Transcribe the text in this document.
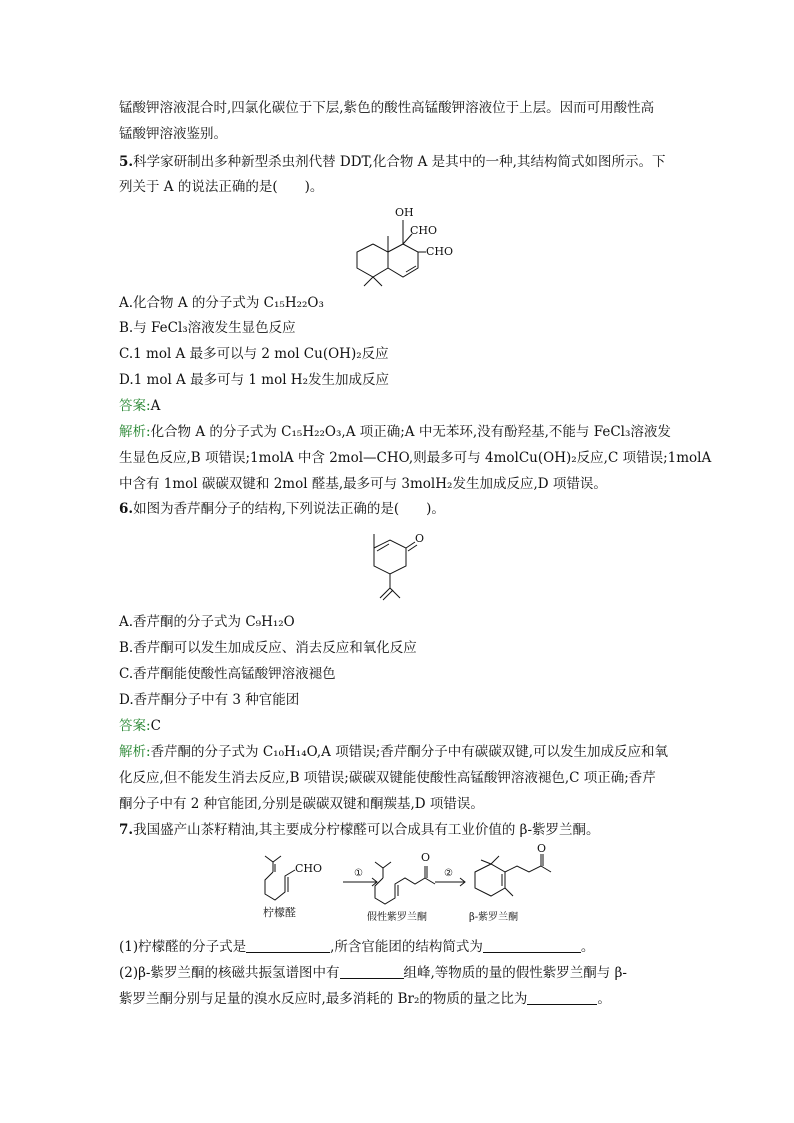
锰酸钾溶液混合时,四氯化碳位于下层,紫色的酸性高锰酸钾溶液位于上层。因而可用酸性高
锰酸钾溶液鉴别。
5.科学家研制出多种新型杀虫剂代替 DDT,化合物 A 是其中的一种,其结构简式如图所示。下
列关于 A 的说法正确的是(　　)。
OH
CHO
CHO
A.化合物 A 的分子式为 C₁₅H₂₂O₃
B.与 FeCl₃溶液发生显色反应
C.1 mol A 最多可以与 2 mol Cu(OH)₂反应
D.1 mol A 最多可与 1 mol H₂发生加成反应
答案:A
解析:化合物 A 的分子式为 C₁₅H₂₂O₃,A 项正确;A 中无苯环,没有酚羟基,不能与 FeCl₃溶液发
生显色反应,B 项错误;1molA 中含 2mol—CHO,则最多可与 4molCu(OH)₂反应,C 项错误;1molA
中含有 1mol 碳碳双键和 2mol 醛基,最多可与 3molH₂发生加成反应,D 项错误。
6.如图为香芹酮分子的结构,下列说法正确的是(　　)。
O
A.香芹酮的分子式为 C₉H₁₂O
B.香芹酮可以发生加成反应、消去反应和氧化反应
C.香芹酮能使酸性高锰酸钾溶液褪色
D.香芹酮分子中有 3 种官能团
答案:C
解析:香芹酮的分子式为 C₁₀H₁₄O,A 项错误;香芹酮分子中有碳碳双键,可以发生加成反应和氧
化反应,但不能发生消去反应,B 项错误;碳碳双键能使酸性高锰酸钾溶液褪色,C 项正确;香芹
酮分子中有 2 种官能团,分别是碳碳双键和酮羰基,D 项错误。
7.我国盛产山茶籽精油,其主要成分柠檬醛可以合成具有工业价值的 β-紫罗兰酮。
CHO	①	②
O
O
柠檬醛	假性紫罗兰酮	β-紫罗兰酮
(1)柠檬醛的分子式是	,所含官能团的结构简式为	。
(2)β-紫罗兰酮的核磁共振氢谱图中有	组峰,等物质的量的假性紫罗兰酮与 β-
紫罗兰酮分别与足量的溴水反应时,最多消耗的 Br₂的物质的量之比为	。
